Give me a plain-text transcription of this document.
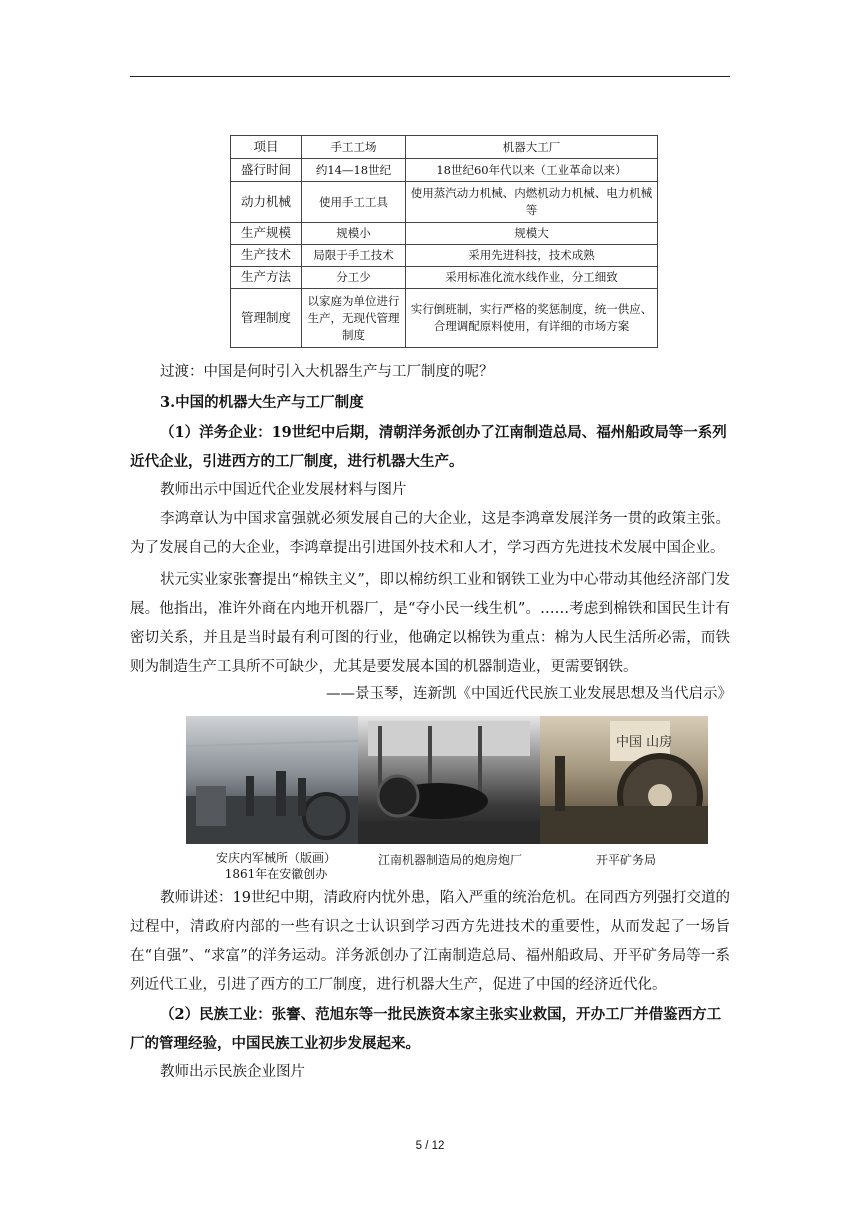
项目	手工工场	机器大工厂
盛行时间	约14—18世纪	18世纪60年代以来（工业革命以来）
动力机械	使用手工工具	使用蒸汽动力机械、内燃机动力机械、电力机械等
生产规模	规模小	规模大
生产技术	局限于手工技术	采用先进科技，技术成熟
生产方法	分工少	采用标准化流水线作业，分工细致
管理制度	以家庭为单位进行生产，无现代管理制度	实行倒班制，实行严格的奖惩制度，统一供应、合理调配原料使用，有详细的市场方案

过渡：中国是何时引入大机器生产与工厂制度的呢？

3.中国的机器大生产与工厂制度

（1）洋务企业：19世纪中后期，清朝洋务派创办了江南制造总局、福州船政局等一系列近代企业，引进西方的工厂制度，进行机器大生产。

教师出示中国近代企业发展材料与图片

李鸿章认为中国求富强就必须发展自己的大企业，这是李鸿章发展洋务一贯的政策主张。为了发展自己的大企业，李鸿章提出引进国外技术和人才，学习西方先进技术发展中国企业。

状元实业家张謇提出“棉铁主义”，即以棉纺织工业和钢铁工业为中心带动其他经济部门发展。他指出，准许外商在内地开机器厂，是“夺小民一线生机”。……考虑到棉铁和国民生计有密切关系，并且是当时最有利可图的行业，他确定以棉铁为重点：棉为人民生活所必需，而铁则为制造生产工具所不可缺少，尤其是要发展本国的机器制造业，更需要钢铁。

——景玉琴，连新凯《中国近代民族工业发展思想及当代启示》
中国 山房
安庆内军械所（版画）
1861年在安徽创办
江南机器制造局的炮房炮厂	开平矿务局

教师讲述：19世纪中期，清政府内忧外患，陷入严重的统治危机。在同西方列强打交道的过程中，清政府内部的一些有识之士认识到学习西方先进技术的重要性，从而发起了一场旨在“自强”、“求富”的洋务运动。洋务派创办了江南制造总局、福州船政局、开平矿务局等一系列近代工业，引进了西方的工厂制度，进行机器大生产，促进了中国的经济近代化。

（2）民族工业：张謇、范旭东等一批民族资本家主张实业救国，开办工厂并借鉴西方工厂的管理经验，中国民族工业初步发展起来。

教师出示民族企业图片

5 / 12
